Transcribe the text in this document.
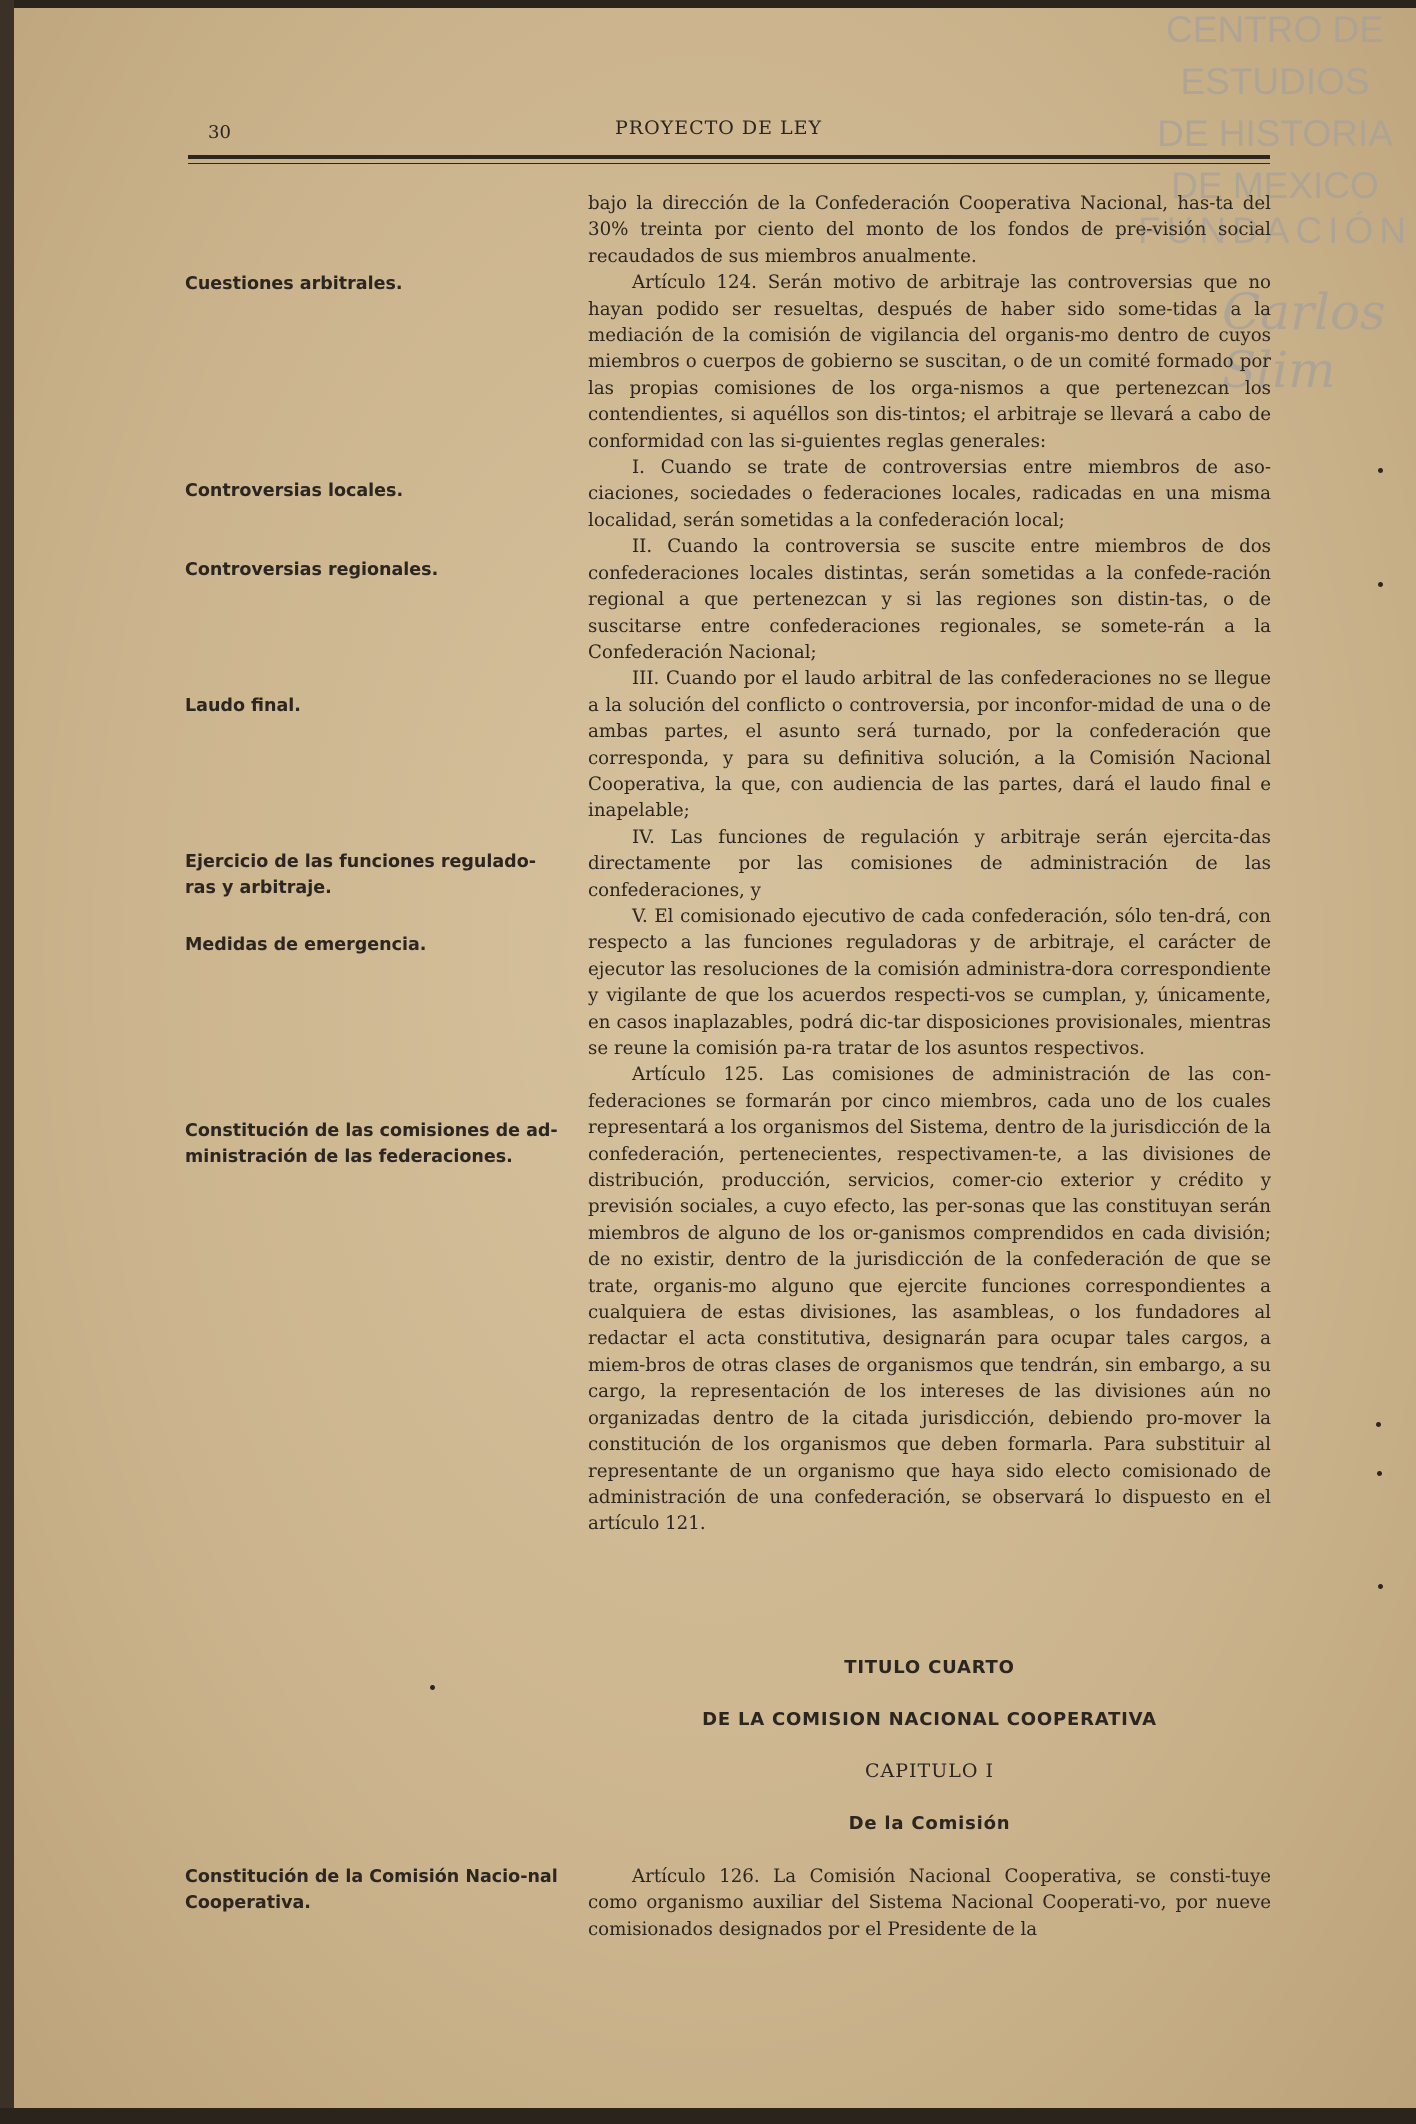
30	PROYECTO DE LEY
CENTRO DE
ESTUDIOS
DE HISTORIA
DE MEXICO
FUNDACIÓN
Carlos Slim
Cuestiones arbitrales.
Controversias locales.
Controversias regionales.
Laudo final.
Ejercicio de las funciones regulado-ras y arbitraje.
Medidas de emergencia.
Constitución de las comisiones de ad-ministración de las federaciones.
Constitución de la Comisión Nacio-nal Cooperativa.

bajo la dirección de la Confederación Cooperativa Nacional, has-ta del 30% treinta por ciento del monto de los fondos de pre-visión social recaudados de sus miembros anualmente.

Artículo 124. Serán motivo de arbitraje las controversias que no hayan podido ser resueltas, después de haber sido some-tidas a la mediación de la comisión de vigilancia del organis-mo dentro de cuyos miembros o cuerpos de gobierno se suscitan, o de un comité formado por las propias comisiones de los orga-nismos a que pertenezcan los contendientes, si aquéllos son dis-tintos; el arbitraje se llevará a cabo de conformidad con las si-guientes reglas generales:

I. Cuando se trate de controversias entre miembros de aso-ciaciones, sociedades o federaciones locales, radicadas en una misma localidad, serán sometidas a la confederación local;

II. Cuando la controversia se suscite entre miembros de dos confederaciones locales distintas, serán sometidas a la confede-ración regional a que pertenezcan y si las regiones son distin-tas, o de suscitarse entre confederaciones regionales, se somete-rán a la Confederación Nacional;

III. Cuando por el laudo arbitral de las confederaciones no se llegue a la solución del conflicto o controversia, por inconfor-midad de una o de ambas partes, el asunto será turnado, por la confederación que corresponda, y para su definitiva solución, a la Comisión Nacional Cooperativa, la que, con audiencia de las partes, dará el laudo final e inapelable;

IV. Las funciones de regulación y arbitraje serán ejercita-das directamente por las comisiones de administración de las confederaciones, y

V. El comisionado ejecutivo de cada confederación, sólo ten-drá, con respecto a las funciones reguladoras y de arbitraje, el carácter de ejecutor las resoluciones de la comisión administra-dora correspondiente y vigilante de que los acuerdos respecti-vos se cumplan, y, únicamente, en casos inaplazables, podrá dic-tar disposiciones provisionales, mientras se reune la comisión pa-ra tratar de los asuntos respectivos.

Artículo 125. Las comisiones de administración de las con-federaciones se formarán por cinco miembros, cada uno de los cuales representará a los organismos del Sistema, dentro de la jurisdicción de la confederación, pertenecientes, respectivamen-te, a las divisiones de distribución, producción, servicios, comer-cio exterior y crédito y previsión sociales, a cuyo efecto, las per-sonas que las constituyan serán miembros de alguno de los or-ganismos comprendidos en cada división; de no existir, dentro de la jurisdicción de la confederación de que se trate, organis-mo alguno que ejercite funciones correspondientes a cualquiera de estas divisiones, las asambleas, o los fundadores al redactar el acta constitutiva, designarán para ocupar tales cargos, a miem-bros de otras clases de organismos que tendrán, sin embargo, a su cargo, la representación de los intereses de las divisiones aún no organizadas dentro de la citada jurisdicción, debiendo pro-mover la constitución de los organismos que deben formarla. Para substituir al representante de un organismo que haya sido electo comisionado de administración de una confederación, se observará lo dispuesto en el artículo 121.

TITULO CUARTO
DE LA COMISION NACIONAL COOPERATIVA
CAPITULO I
De la Comisión

Artículo 126. La Comisión Nacional Cooperativa, se consti-tuye como organismo auxiliar del Sistema Nacional Cooperati-vo, por nueve comisionados designados por el Presidente de la
